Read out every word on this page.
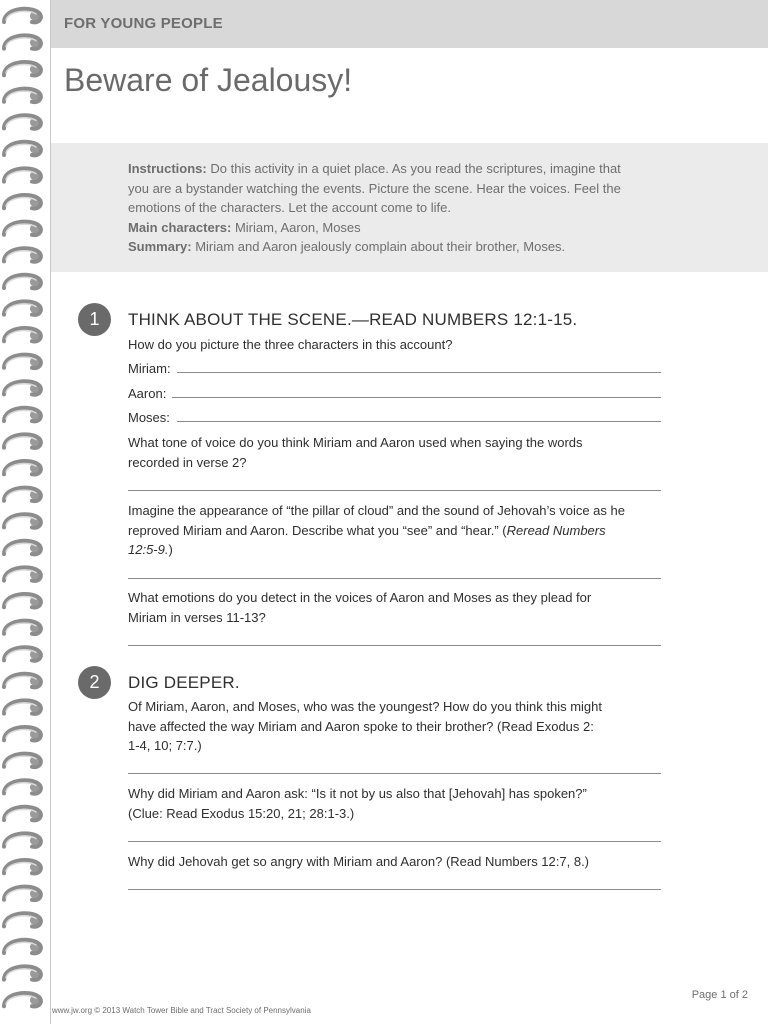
FOR YOUNG PEOPLE
Beware of Jealousy!
Instructions: Do this activity in a quiet place. As you read the scriptures, imagine that
you are a bystander watching the events. Picture the scene. Hear the voices. Feel the
emotions of the characters. Let the account come to life.
Main characters: Miriam, Aaron, Moses
Summary: Miriam and Aaron jealously complain about their brother, Moses.
1	THINK ABOUT THE SCENE.—READ NUMBERS 12:1-15.
How do you picture the three characters in this account?
Miriam:
Aaron:
Moses:
What tone of voice do you think Miriam and Aaron used when saying the words
recorded in verse 2?
Imagine the appearance of “the pillar of cloud” and the sound of Jehovah’s voice as he
reproved Miriam and Aaron. Describe what you “see” and “hear.” (Reread Numbers
12:5-9.)
What emotions do you detect in the voices of Aaron and Moses as they plead for
Miriam in verses 11-13?
2	DIG DEEPER.
Of Miriam, Aaron, and Moses, who was the youngest? How do you think this might
have affected the way Miriam and Aaron spoke to their brother? (Read Exodus 2:
1-4, 10; 7:7.)
Why did Miriam and Aaron ask: “Is it not by us also that [Jehovah] has spoken?”
(Clue: Read Exodus 15:20, 21; 28:1-3.)
Why did Jehovah get so angry with Miriam and Aaron? (Read Numbers 12:7, 8.)
www.jw.org © 2013 Watch Tower Bible and Tract Society of Pennsylvania
Page 1 of 2
